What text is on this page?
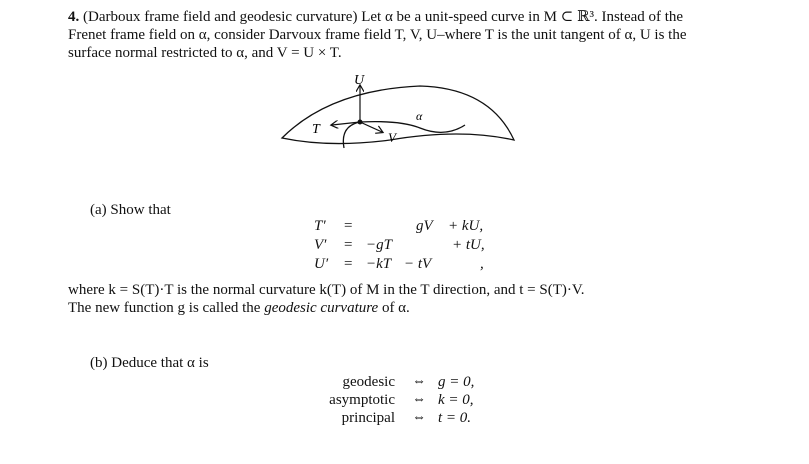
4. (Darboux frame field and geodesic curvature) Let α be a unit-speed curve in M ⊂ ℝ³. Instead of the
Frenet frame field on α, consider Darvoux frame field T, V, U–where T is the unit tangent of α, U is the
surface normal restricted to α, and V = U × T.
U
T
V
α
(a) Show that
T′ =	gV + kU,
V′ = −gT	+ tU,
U′ = −kT − tV	,
where k = S(T)·T is the normal curvature k(T) of M in the T direction, and t = S(T)·V.
The new function g is called the geodesic curvature of α.
(b) Deduce that α is
geodesic ⇔ g = 0,
asymptotic ⇔ k = 0,
principal ⇔ t = 0.
